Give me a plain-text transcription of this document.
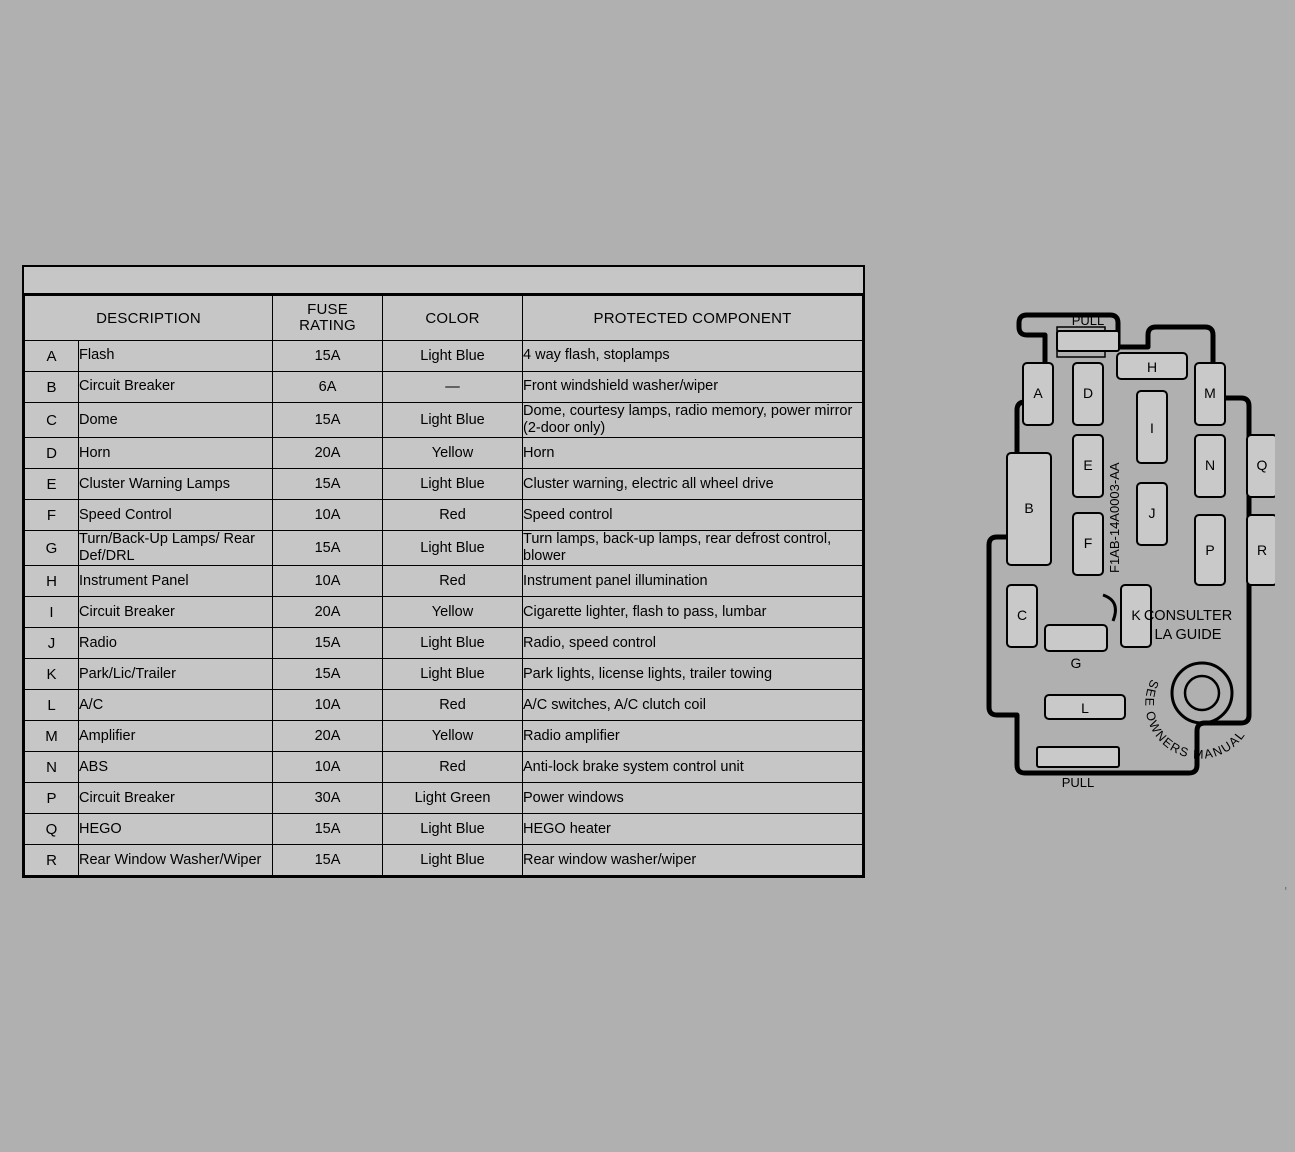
DESCRIPTION		FUSE
RATING	COLOR	PROTECTED COMPONENT
A	Flash	15A	Light Blue	4 way flash, stoplamps
B	Circuit Breaker	6A	—	Front windshield washer/wiper
C	Dome	15A	Light Blue	Dome, courtesy lamps, radio memory, power mirror (2-door only)
D	Horn	20A	Yellow	Horn
E	Cluster Warning Lamps	15A	Light Blue	Cluster warning, electric all wheel drive
F	Speed Control	10A	Red	Speed control
G	Turn/Back-Up Lamps/ Rear Def/DRL	15A	Light Blue	Turn lamps, back-up lamps, rear defrost control, blower
H	Instrument Panel	10A	Red	Instrument panel illumination
I	Circuit Breaker	20A	Yellow	Cigarette lighter, flash to pass, lumbar
J	Radio	15A	Light Blue	Radio, speed control
K	Park/Lic/Trailer	15A	Light Blue	Park lights, license lights, trailer towing
L	A/C	10A	Red	A/C switches, A/C clutch coil
M	Amplifier	20A	Yellow	Radio amplifier
N	ABS	10A	Red	Anti-lock brake system control unit
P	Circuit Breaker	30A	Light Green	Power windows
Q	HEGO	15A	Light Blue	HEGO heater
R	Rear Window Washer/Wiper	15A	Light Blue	Rear window washer/wiper
PULL
PULL
A	D
H
M
E
I
N	Q
B
F
J
P	R
C
G
K
L
F1AB-14A0003-AA
CONSULTER
LA GUIDE
SEE OWNERS MANUAL
'
